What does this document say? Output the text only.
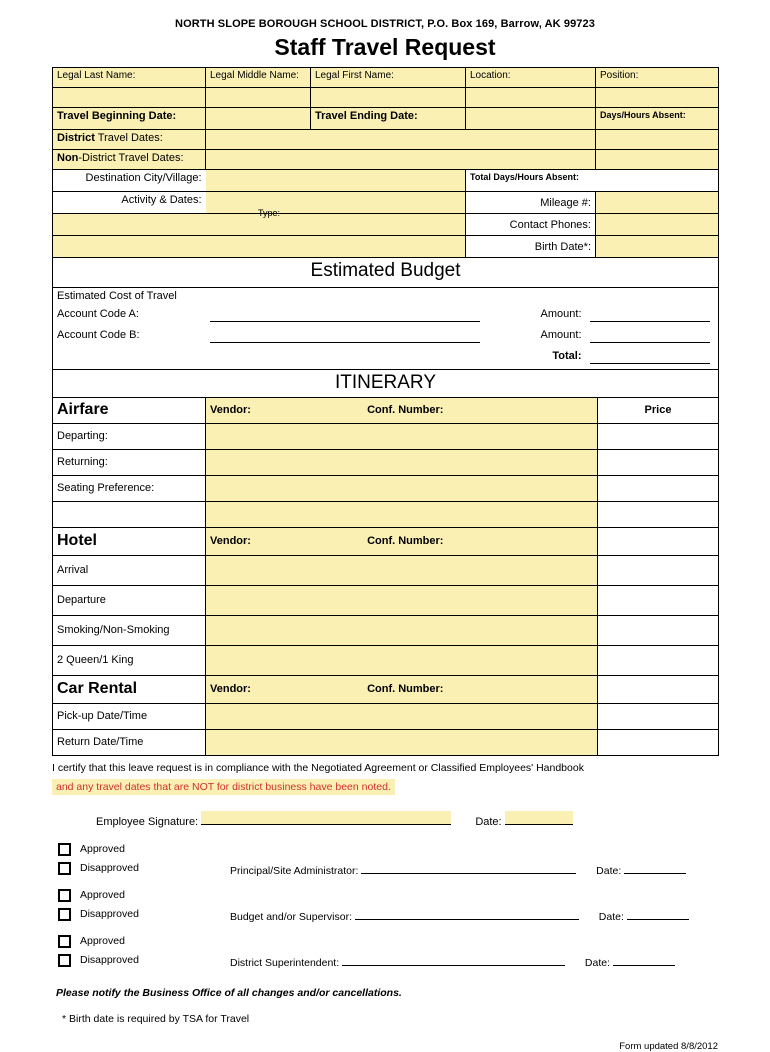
NORTH SLOPE BOROUGH SCHOOL DISTRICT, P.O. Box 169, Barrow, AK 99723
Staff Travel Request
Legal Last Name:	Legal Middle Name:	Legal First Name:	Location:	Position:

Travel Beginning Date:		Travel Ending Date:		Days/Hours Absent:
District Travel Dates:				
Non-District Travel Dates:				
Destination City/Village:		Total Days/Hours Absent:	
Activity & Dates:		Mileage #:	
		Contact Phones:	
		Birth Date*:	
Type:
Estimated Budget			
Estimated Cost of Travel			
Account Code A:		Amount:	
Account Code B:		Amount:	
		Total:	
ITINERARY		
Airfare	Vendor: Conf. Number:	Price
Departing:		
Returning:		
Seating Preference:		

Hotel	Vendor: Conf. Number:	
Arrival		
Departure		
Smoking/Non-Smoking		
2 Queen/1 King		
Car Rental	Vendor: Conf. Number:	
Pick-up Date/Time		
Return Date/Time		
I certify that this leave request is in compliance with the Negotiated Agreement or Classified Employees' Handbook
and any travel dates that are NOT for district business have been noted.
Employee Signature:	Date:
Approved
Disapproved	Principal/Site Administrator:	Date:
Approved
Disapproved	Budget and/or Supervisor:	Date:
Approved
Disapproved	District Superintendent:	Date:
Please notify the Business Office of all changes and/or cancellations.
* Birth date is required by TSA for Travel
Form updated 8/8/2012
